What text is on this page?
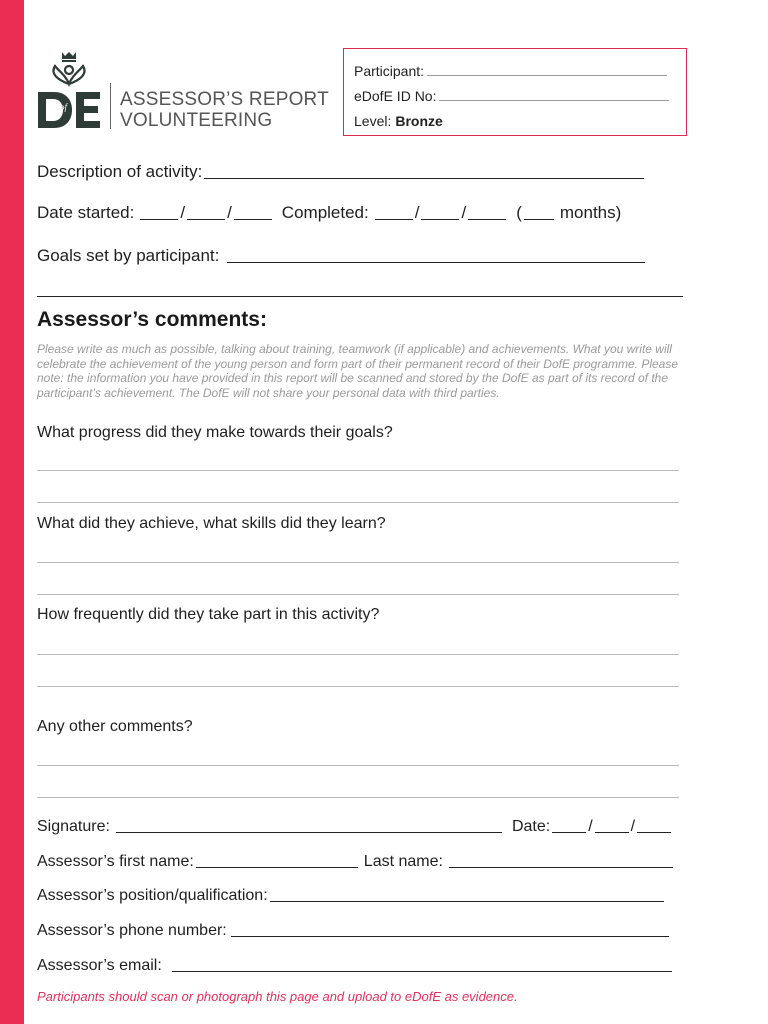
of	ASSESSOR’S REPORT
VOLUNTEERING
Participant:
eDofE ID No:
Level: Bronze
Description of activity:
Date started:	/ /	Completed:	/ /	( months)
Goals set by participant:
Assessor’s comments:
Please write as much as possible, talking about training, teamwork (if applicable) and achievements. What you write will celebrate the achievement of the young person and form part of their permanent record of their DofE programme. Please note: the information you have provided in this report will be scanned and stored by the DofE as part of its record of the participant’s achievement. The DofE will not share your personal data with third parties.
What progress did they make towards their goals?
What did they achieve, what skills did they learn?
How frequently did they take part in this activity?
Any other comments?
Signature:	Date: / /
Assessor’s first name:	Last name:
Assessor’s position/qualification:
Assessor’s phone number:
Assessor’s email:
Participants should scan or photograph this page and upload to eDofE as evidence.
